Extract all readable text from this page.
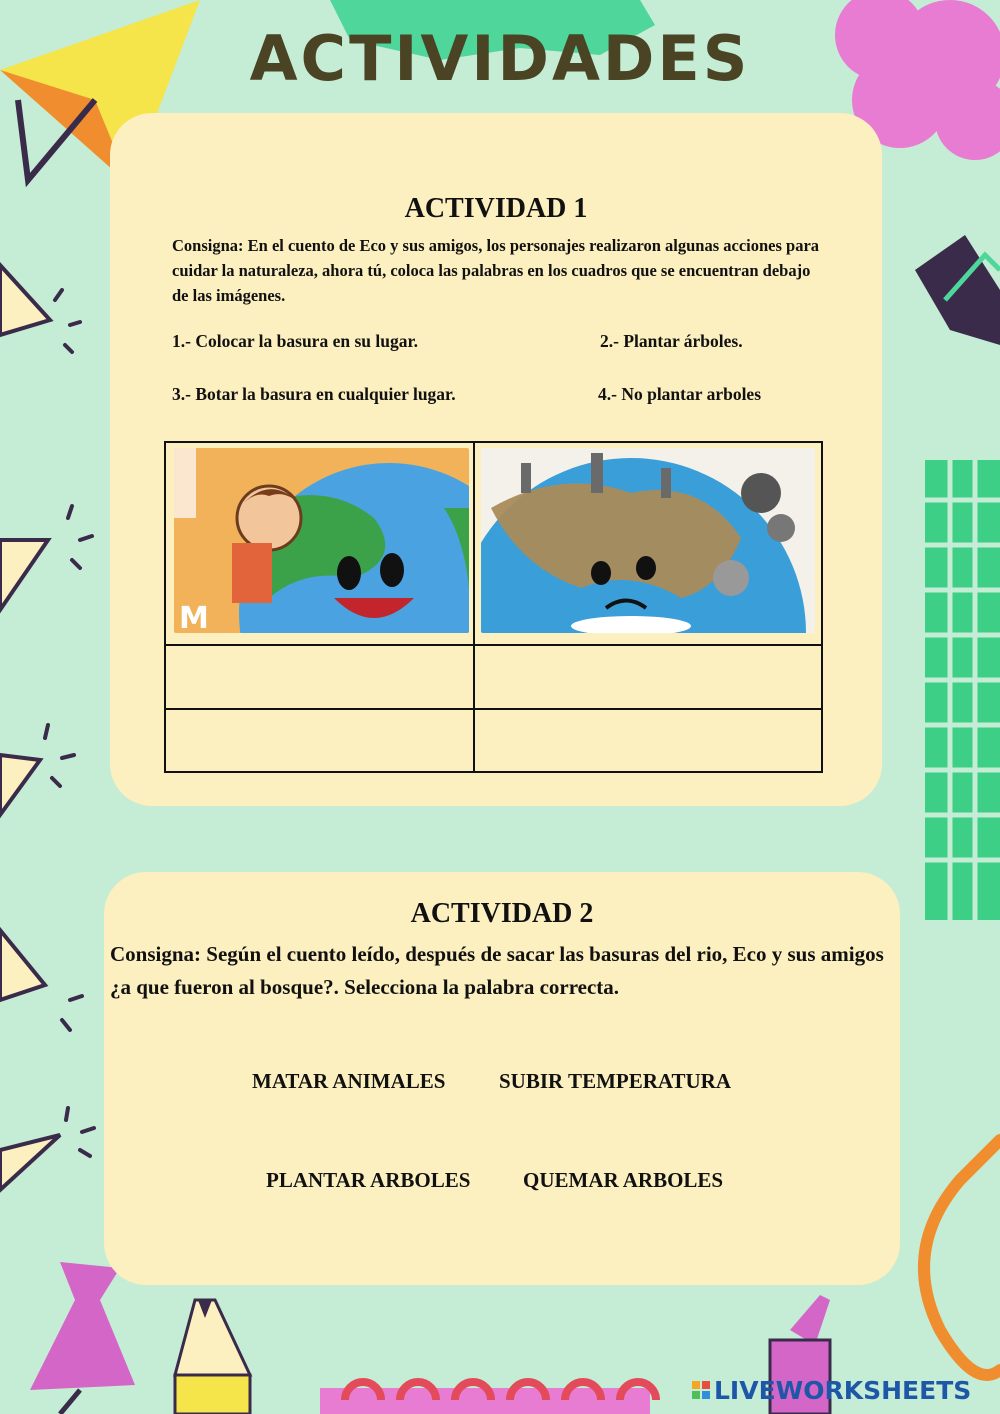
ACTIVIDADES
ACTIVIDAD 1
Consigna: En el cuento de Eco y sus amigos, los personajes realizaron algunas acciones para cuidar la naturaleza, ahora tú, coloca las palabras en los cuadros que se encuentran debajo de las imágenes.
1.- Colocar la basura en su lugar.	2.- Plantar árboles.
3.- Botar la basura en cualquier lugar.	4.- No plantar arboles
M
ACTIVIDAD 2
Consigna: Según el cuento leído, después de sacar las basuras del rio, Eco y sus amigos ¿a que fueron al bosque?. Selecciona la palabra correcta.
MATAR ANIMALES	SUBIR TEMPERATURA
PLANTAR ARBOLES	QUEMAR ARBOLES
LIVEWORKSHEETS
